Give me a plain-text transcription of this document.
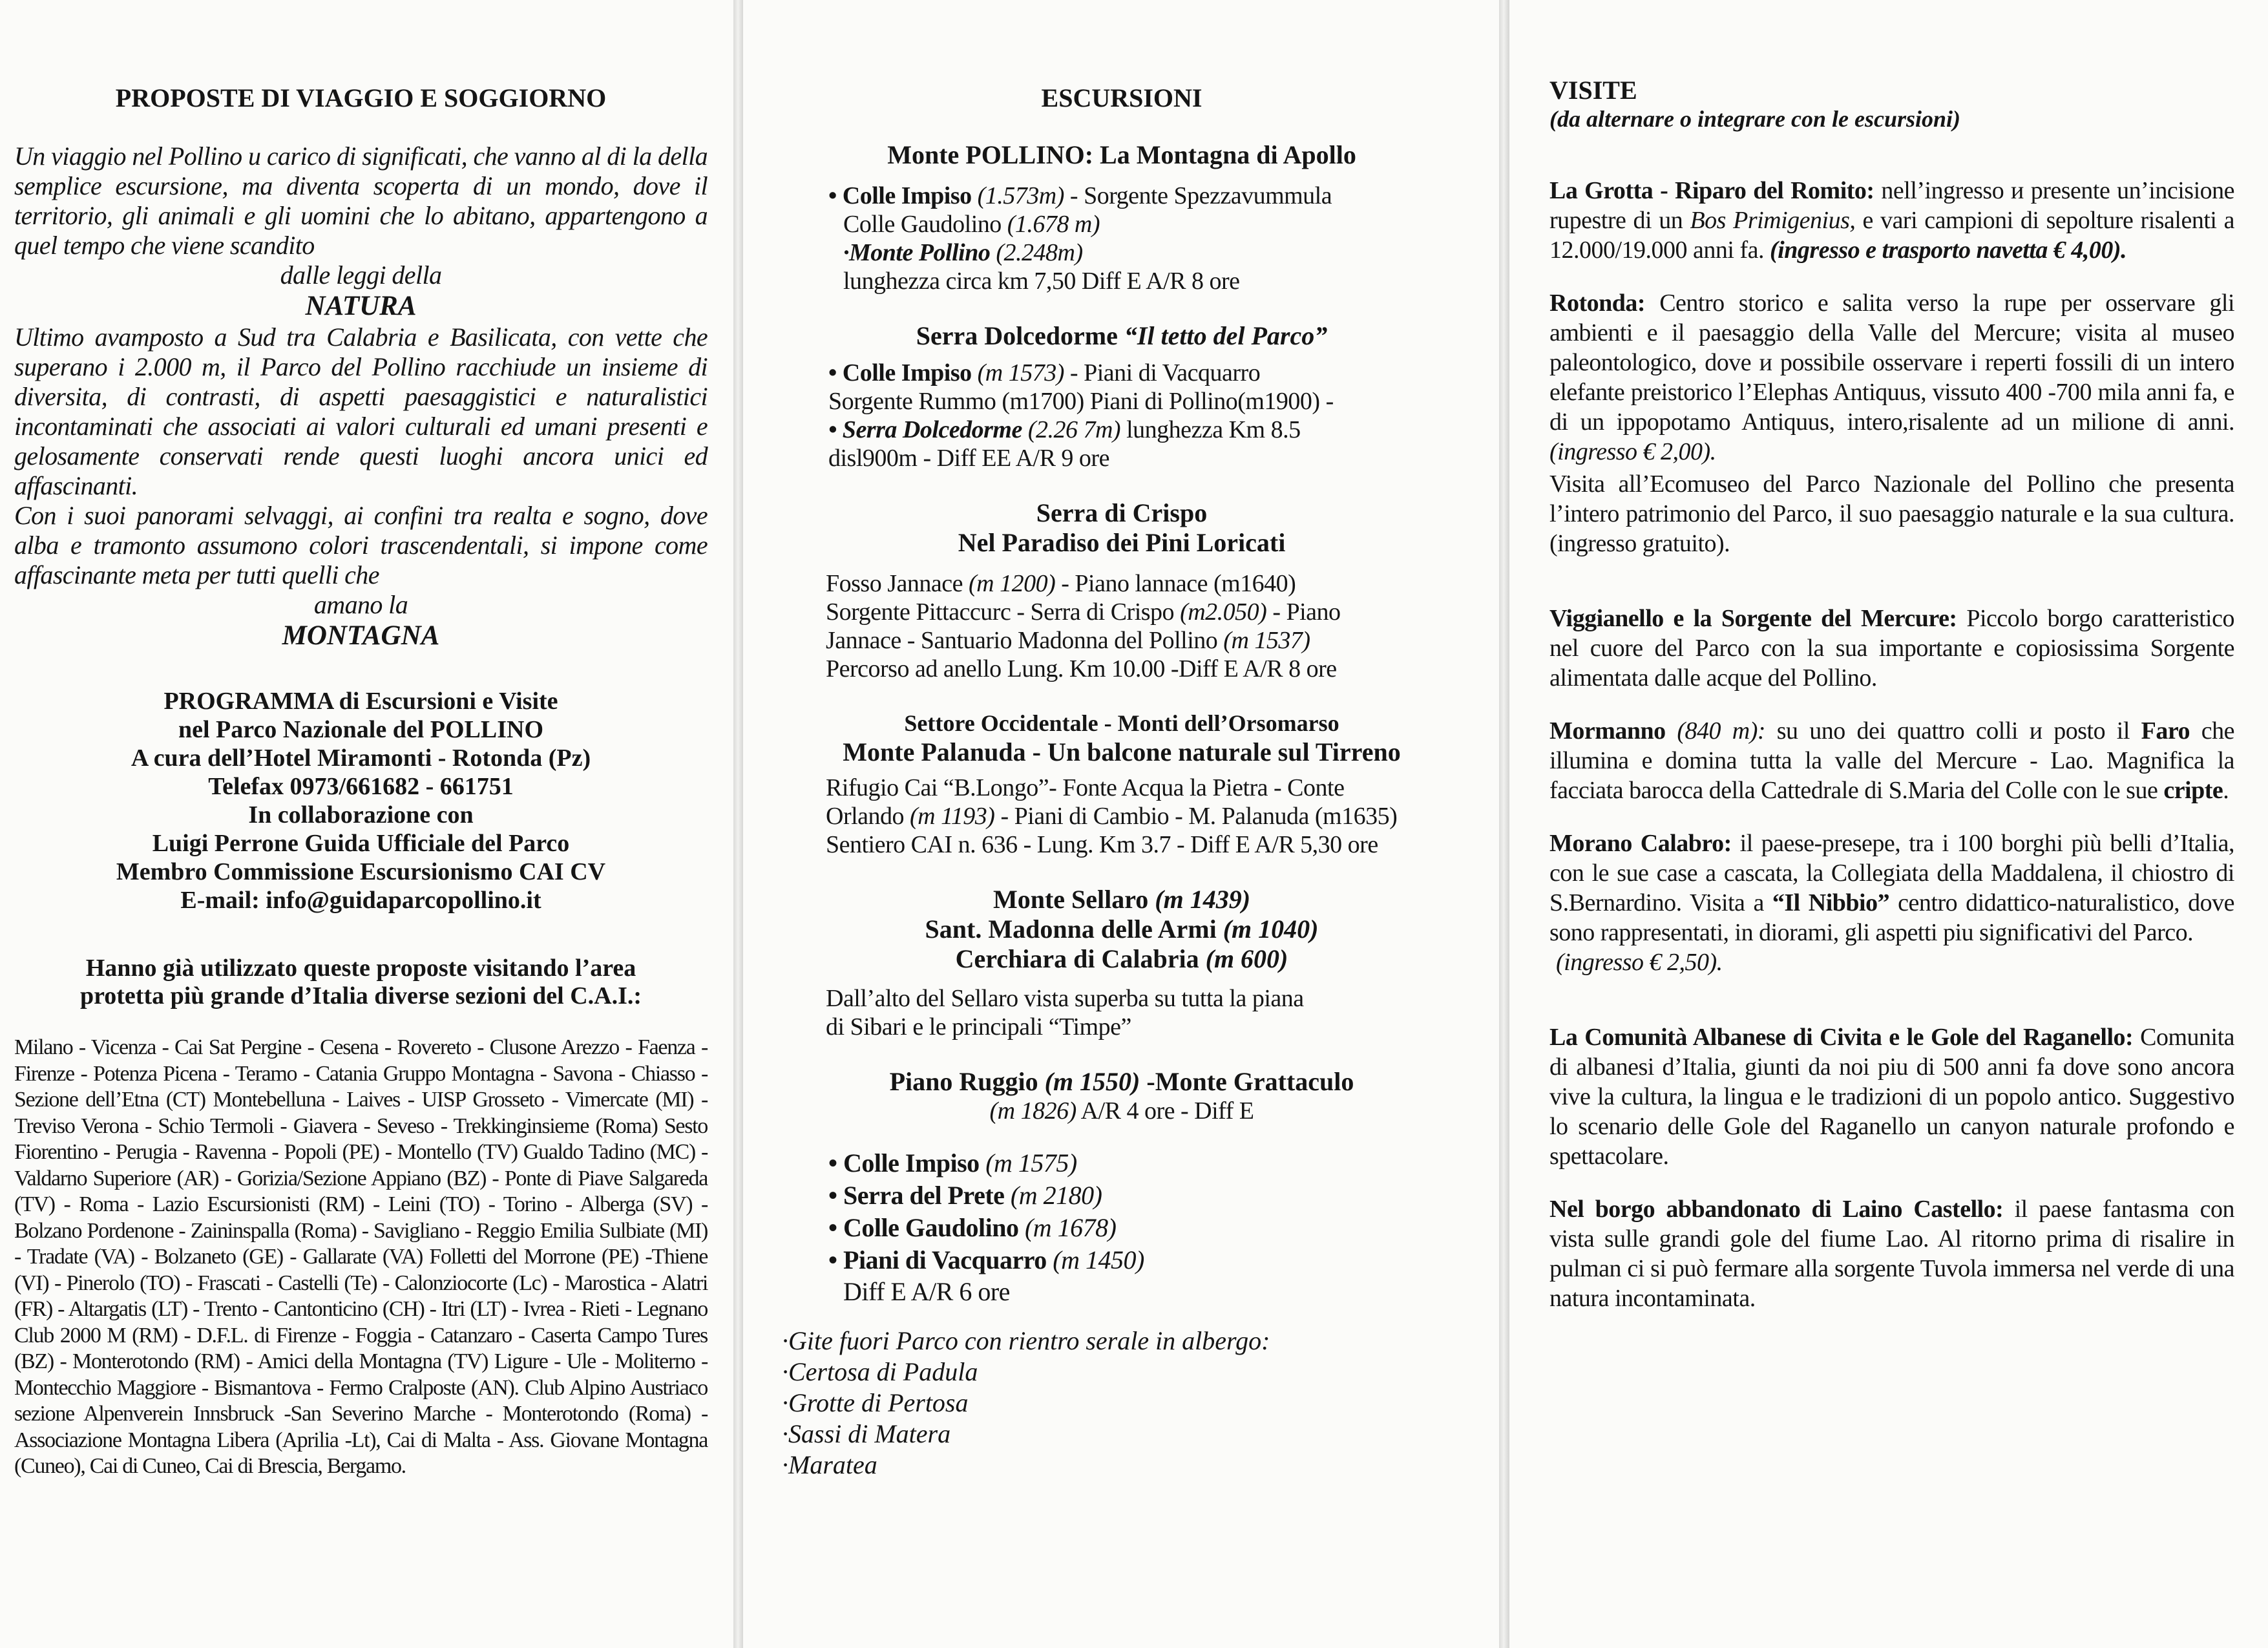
PROPOSTE DI VIAGGIO E SOGGIORNO

Un viaggio nel Pollino и carico di significati, che vanno al di la della semplice escursione, ma diventa scoperta di un mondo, dove il territorio, gli animali e gli uomini che lo abitano, appartengono a quel tempo che viene scandito

dalle leggi della

NATURA

Ultimo avamposto a Sud tra Calabria e Basilicata, con vette che superano i 2.000 m, il Parco del Pollino racchiude un insieme di diversita, di contrasti, di aspetti paesaggistici e naturalistici incontaminati che associati ai valori culturali ed umani presenti e gelosamente conservati rende questi luoghi ancora unici ed affascinanti.

Con i suoi panorami selvaggi, ai confini tra realta e sogno, dove alba e tramonto assumono colori trascendentali, si impone come affascinante meta per tutti quelli che

amano la

MONTAGNA
PROGRAMMA di Escursioni e Visite
nel Parco Nazionale del POLLINO
A cura dell’Hotel Miramonti - Rotonda (Pz)
Telefax 0973/661682 - 661751
In collaborazione con
Luigi Perrone Guida Ufficiale del Parco
Membro Commissione Escursionismo CAI CV
E-mail: info@guidaparcopollino.it
Hanno già utilizzato queste proposte visitando l’area
protetta più grande d’Italia diverse sezioni del C.A.I.:

Milano - Vicenza - Cai Sat Pergine - Cesena - Rovereto - Clusone Arezzo - Faenza - Firenze - Potenza Picena - Teramo - Catania Gruppo Montagna - Savona - Chiasso - Sezione dell’Etna (CT) Montebelluna - Laives - UISP Grosseto - Vimercate (MI) - Treviso Verona - Schio Termoli - Giavera - Seveso - Trekkinginsieme (Roma) Sesto Fiorentino - Perugia - Ravenna - Popoli (PE) - Montello (TV) Gualdo Tadino (MC) - Valdarno Superiore (AR) - Gorizia/Sezione Appiano (BZ) - Ponte di Piave Salgareda (TV) - Roma - Lazio Escursionisti (RM) - Leini (TO) - Torino - Alberga (SV) - Bolzano Pordenone - Zaininspalla (Roma) - Savigliano - Reggio Emilia Sulbiate (MI) - Tradate (VA) - Bolzaneto (GE) - Gallarate (VA) Folletti del Morrone (PE) -Thiene (VI) - Pinerolo (TO) - Frascati - Castelli (Te) - Calonziocorte (Lc) - Marostica - Alatri (FR) - Altargatis (LT) - Trento - Cantonticino (CH) - Itri (LT) - Ivrea - Rieti - Legnano Club 2000 M (RM) - D.F.L. di Firenze - Foggia - Catanzaro - Caserta Campo Tures (BZ) - Monterotondo (RM) - Amici della Montagna (TV) Ligure - Ule - Moliterno - Montecchio Maggiore - Bismantova - Fermo Cralposte (AN). Club Alpino Austriaco sezione Alpenverein Innsbruck -San Severino Marche - Monterotondo (Roma) - Associazione Montagna Libera (Aprilia -Lt), Cai di Malta - Ass. Giovane Montagna (Cuneo), Cai di Cuneo, Cai di Brescia, Bergamo.

ESCURSIONI
Monte POLLINO: La Montagna di Apollo
• Colle Impiso (1.573m) - Sorgente Spezzavummula
Colle Gaudolino (1.678 m)
·Monte Pollino (2.248m)
lunghezza circa km 7,50 Diff E A/R 8 ore
Serra Dolcedorme “Il tetto del Parco”
• Colle Impiso (m 1573) - Piani di Vacquarro
Sorgente Rummo (m1700) Piani di Pollino(m1900) -
• Serra Dolcedorme (2.26 7m) lunghezza Km 8.5
disl900m - Diff EE A/R 9 ore
Serra di Crispo
Nel Paradiso dei Pini Loricati
Fosso Jannace (m 1200) - Piano lannace (m1640)
Sorgente Pittaccurc - Serra di Crispo (m2.050) - Piano
Jannace - Santuario Madonna del Pollino (m 1537)
Percorso ad anello Lung. Km 10.00 -Diff E A/R 8 ore
Settore Occidentale - Monti dell’Orsomarso
Monte Palanuda - Un balcone naturale sul Tirreno
Rifugio Cai “B.Longo”- Fonte Acqua la Pietra - Conte
Orlando (m 1193) - Piani di Cambio - M. Palanuda (m1635)
Sentiero CAI n. 636 - Lung. Km 3.7 - Diff E A/R 5,30 ore
Monte Sellaro (m 1439)
Sant. Madonna delle Armi (m 1040)
Cerchiara di Calabria (m 600)
Dall’alto del Sellaro vista superba su tutta la piana
di Sibari e le principali “Timpe”
Piano Ruggio (m 1550) -Monte Grattaculo
(m 1826) A/R 4 ore - Diff E
• Colle Impiso (m 1575)
• Serra del Prete (m 2180)
• Colle Gaudolino (m 1678)
• Piani di Vacquarro (m 1450)
Diff E A/R 6 ore
·Gite fuori Parco con rientro serale in albergo:
·Certosa di Padula
·Grotte di Pertosa
·Sassi di Matera
·Maratea
VISITE
(da alternare o integrare con le escursioni)

La Grotta - Riparo del Romito: nell’ingresso и presente un’incisione rupestre di un Bos Primigenius, e vari campioni di sepolture risalenti a 12.000/19.000 anni fa. (ingresso e trasporto navetta € 4,00).

Rotonda: Centro storico e salita verso la rupe per osservare gli ambienti e il paesaggio della Valle del Mercure; visita al museo paleontologico, dove и possibile osservare i reperti fossili di un intero elefante preistorico l’Elephas Antiquus, vissuto 400 -700 mila anni fa, e di un ippopotamo Antiquus, intero,risalente ad un milione di anni. (ingresso € 2,00).

Visita all’Ecomuseo del Parco Nazionale del Pollino che presenta l’intero patrimonio del Parco, il suo paesaggio naturale e la sua cultura. (ingresso gratuito).

Viggianello e la Sorgente del Mercure: Piccolo borgo caratteristico nel cuore del Parco con la sua importante e copiosissima Sorgente alimentata dalle acque del Pollino.

Mormanno (840 m): su uno dei quattro colli и posto il Faro che illumina e domina tutta la valle del Mercure - Lao. Magnifica la facciata barocca della Cattedrale di S.Maria del Colle con le sue cripte.

Morano Calabro: il paese-presepe, tra i 100 borghi più belli d’Italia, con le sue case a cascata, la Collegiata della Maddalena, il chiostro di S.Bernardino. Visita a “Il Nibbio” centro didattico-naturalistico, dove sono rappresentati, in diorami, gli aspetti piu significativi del Parco.

(ingresso € 2,50).

La Comunità Albanese di Civita e le Gole del Raganello: Comunita di albanesi d’Italia, giunti da noi piu di 500 anni fa dove sono ancora vive la cultura, la lingua e le tradizioni di un popolo antico. Suggestivo lo scenario delle Gole del Raganello un canyon naturale profondo e spettacolare.

Nel borgo abbandonato di Laino Castello: il paese fantasma con vista sulle grandi gole del fiume Lao. Al ritorno prima di risalire in pulman ci si può fermare alla sorgente Tuvola immersa nel verde di una natura incontaminata.
